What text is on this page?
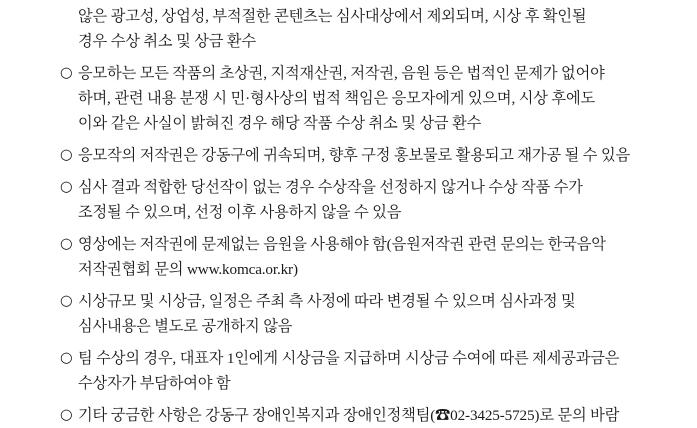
않은 광고성, 상업성, 부적절한 콘텐츠는 심사대상에서 제외되며, 시상 후 확인될
경우 수상 취소 및 상금 환수
○ 응모하는 모든 작품의 초상권, 지적재산권, 저작권, 음원 등은 법적인 문제가 없어야
하며, 관련 내용 분쟁 시 민·형사상의 법적 책임은 응모자에게 있으며, 시상 후에도
이와 같은 사실이 밝혀진 경우 해당 작품 수상 취소 및 상금 환수
○ 응모작의 저작권은 강동구에 귀속되며, 향후 구정 홍보물로 활용되고 재가공 될 수 있음
○ 심사 결과 적합한 당선작이 없는 경우 수상작을 선정하지 않거나 수상 작품 수가
조정될 수 있으며, 선정 이후 사용하지 않을 수 있음
○ 영상에는 저작권에 문제없는 음원을 사용해야 함(음원저작권 관련 문의는 한국음악
저작권협회 문의 www.komca.or.kr)
○ 시상규모 및 시상금, 일정은 주최 측 사정에 따라 변경될 수 있으며 심사과정 및
심사내용은 별도로 공개하지 않음
○ 팀 수상의 경우, 대표자 1인에게 시상금을 지급하며 시상금 수여에 따른 제세공과금은
수상자가 부담하여야 함
○ 기타 궁금한 사항은 강동구 장애인복지과 장애인정책팀(☎02-3425-5725)로 문의 바람
